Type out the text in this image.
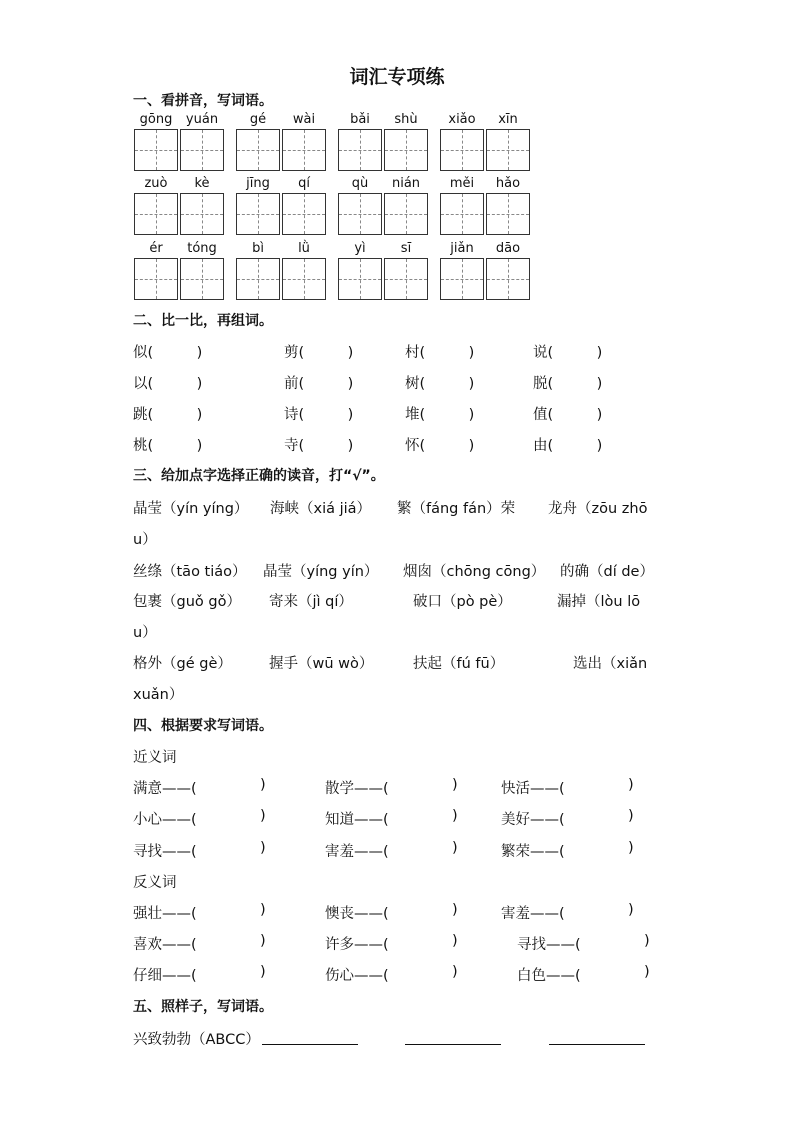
词汇专项练
一、看拼音，写词语。
gōng	yuán	gé	wài	bǎi	shù	xiǎo	xīn
zuò	kè	jīng	qí	qù	nián	měi	hǎo
ér	tóng	bì	lǜ	yì	sī	jiǎn	dāo
二、比一比，再组词。
似(　　　)	剪(　　　)	村(　　　)	说(　　　)
以(　　　)	前(　　　)	树(　　　)	脱(　　　)
跳(　　　)	诗(　　　)	堆(　　　)	值(　　　)
桃(　　　)	寺(　　　)	怀(　　　)	由(　　　)
三、给加点字选择正确的读音，打“√”。
晶莹（yín yíng） 海峡（xiá jiá） 繁（fáng fán）荣 龙舟（zōu zhō
u）
丝绦（tāo tiáo） 晶莹（yíng yín） 烟囱（chōng cōng） 的确（dí de）
包裹（guǒ gǒ） 寄来（jì qí）	破口（pò pè）	漏掉（lòu lō
u）
格外（gé gè）	握手（wū wò）	扶起（fú fū）	选出（xiǎn
xuǎn）
四、根据要求写词语。
近义词
满意——(	)	散学——(	)	快活——(	)
小心——(	)	知道——(	)	美好——(	)
寻找——(	)	害羞——(	)	繁荣——(	)
反义词
强壮——(	)	懊丧——(	)	害羞——(	)
喜欢——(	)	许多——(	)	寻找——(	)
仔细——(	)	伤心——(	)	白色——(	)
五、照样子，写词语。
兴致勃勃（ABCC）
